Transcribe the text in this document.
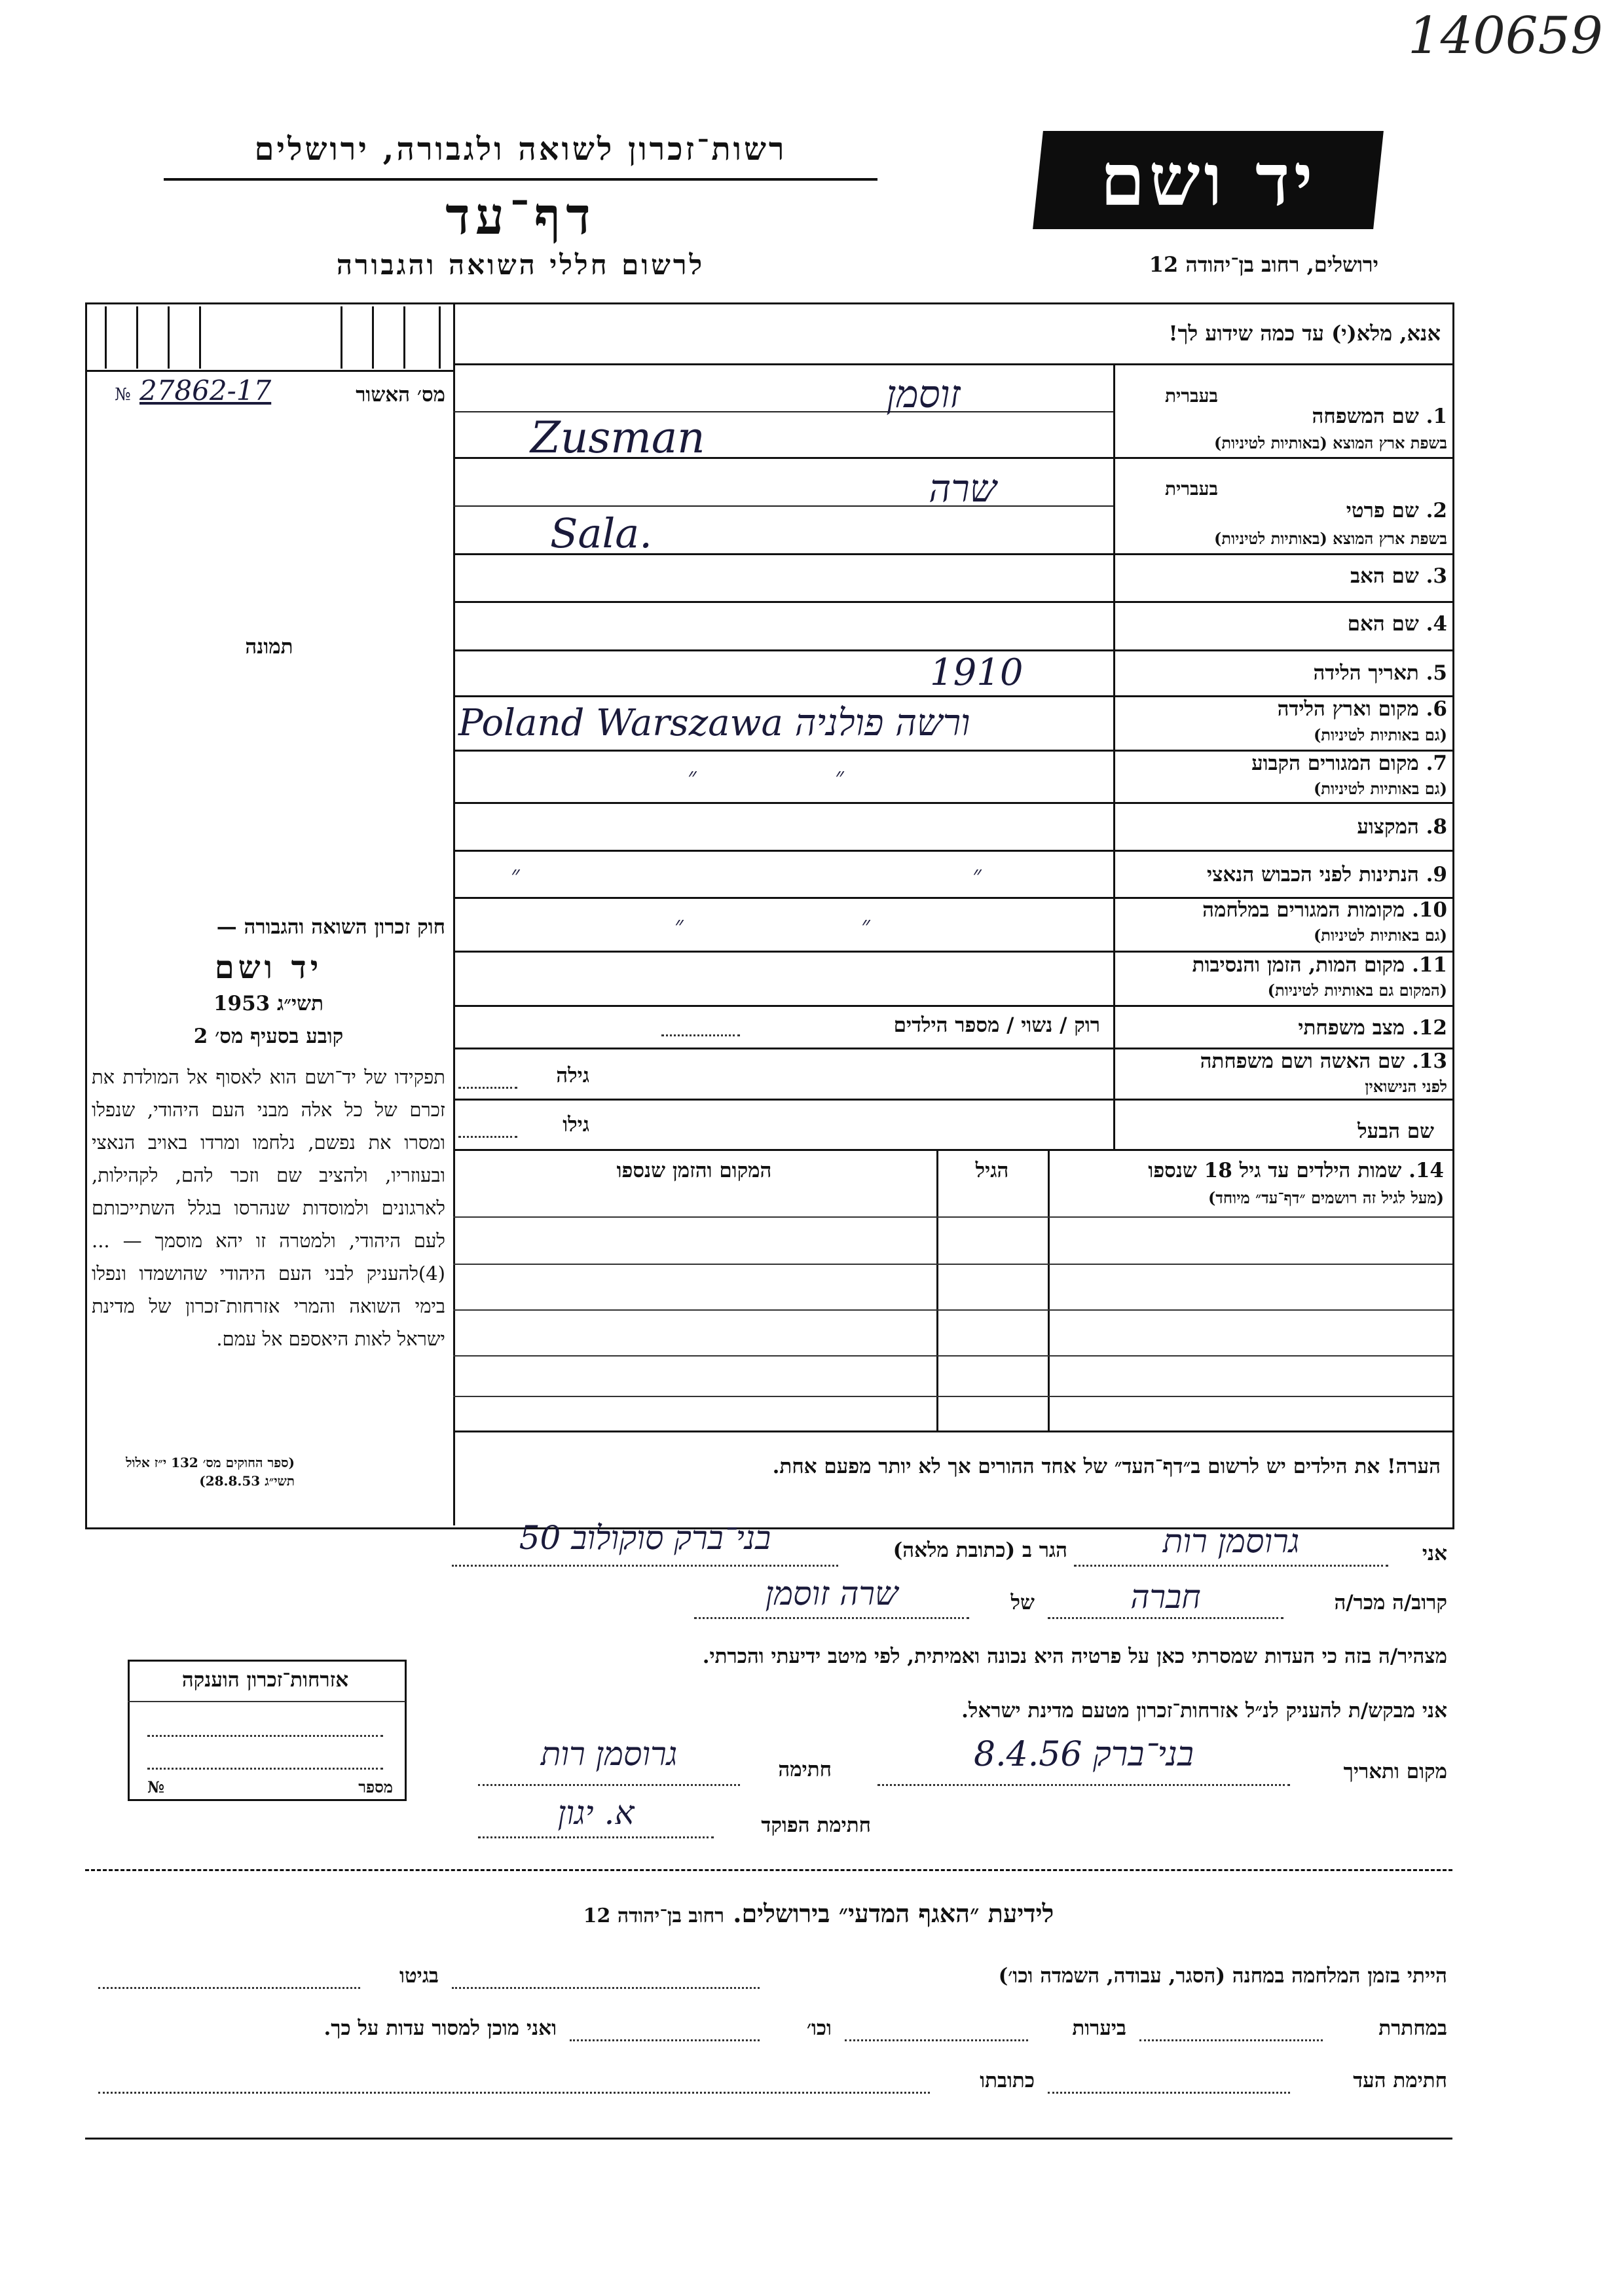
140659
רשות־זכרון לשואה ולגבורה, ירושלים
דף־עד
לרשום חללי השואה והגבורה
יד ושם
ירושלים, רחוב בן־יהודה 12
אנא, מלא(י) עד כמה שידוע לך!
מס׳ האשור
№ 27862-17
תמונה
חוק זכרון השואה והגבורה —
יד ושם
תשי״ג 1953
קובע בסעיף מס׳ 2
תפקידו של יד־ושם הוא לאסוף אל המולדת את זכרם של כל אלה מבני העם היהודי, שנפלו ומסרו את נפשם, נלחמו ומרדו באויב הנאצי ובעוזריו, ולהציב שם וזכר להם, לקהילות, לארגונים ולמוסדות שנהרסו בגלל השתייכותם לעם היהודי, ולמטרה זו יהא מוסמך — ...(4)להעניק לבני העם היהודי שהושמדו ונפלו בימי השואה והמרי אזרחות־זכרון של מדינת ישראל לאות היאספם אל עמם.
(ספר החוקים מס׳ 132 י״ז אלול תשי״ג 28.8.53)
בעברית
1. שם המשפחה
בשפת ארץ המוצא (באותיות לטיניות)
זוסמן
Zusman
בעברית
2. שם פרטי
בשפת ארץ המוצא (באותיות לטיניות)
שרה
Sala.
3. שם האב
4. שם האם
5. תאריך הלידה
1910
6. מקום וארץ הלידה
(גם באותיות לטיניות)
Poland Warszawa ורשה פולניה
7. מקום המגורים הקבוע
(גם באותיות לטיניות)
״ ״
8. המקצוע
9. הנתינות לפני הכבוש הנאצי
״ ״
10. מקומות המגורים במלחמה
(גם באותיות לטיניות)
״ ״
11. מקום המות, הזמן והנסיבות
(המקום גם באותיות לטיניות)
12. מצב משפחתי
רוק / נשוי / מספר הילדים
13. שם האשה ושם משפחתה
לפני הנישואין
גילה
שם הבעל
גילו
14. שמות הילדים עד גיל 18 שנספו
(מעל לגיל זה רושמים ״דף־עד״ מיוחד)
הגיל
המקום והזמן שנספו
הערה! את הילדים יש לרשום ב״דף־העד״ של אחד ההורים אך לא יותר מפעם אחת.
אני
גרוסמן רות
הגר ב (כתובת מלאה)
בני־ברק סוקולוב 50
קרוב/ה מכר/ה
חברה
של
שרה זוסמן
מצהיר/ה בזה כי העדות שמסרתי כאן על פרטיה היא נכונה ואמיתית, לפי מיטב ידיעתי והכרתי.
אני מבקש/ת להעניק לנ״ל אזרחות־זכרון מטעם מדינת ישראל.
מקום ותאריך
בני־ברק 8.4.56
חתימה
גרוסמן רות
חתימת הפוקד
א. יגון
אזרחות־זכרון הוענקה
מספר
№
לידיעת ״האגף המדעי״ בירושלים. רחוב בן־יהודה 12
הייתי בזמן המלחמה במחנה (הסגר, עבודה, השמדה וכו׳)
בגיטו
במחתרת
ביערות
וכו׳
ואני מוכן למסור עדות על כך.
חתימת העד
כתובתו
